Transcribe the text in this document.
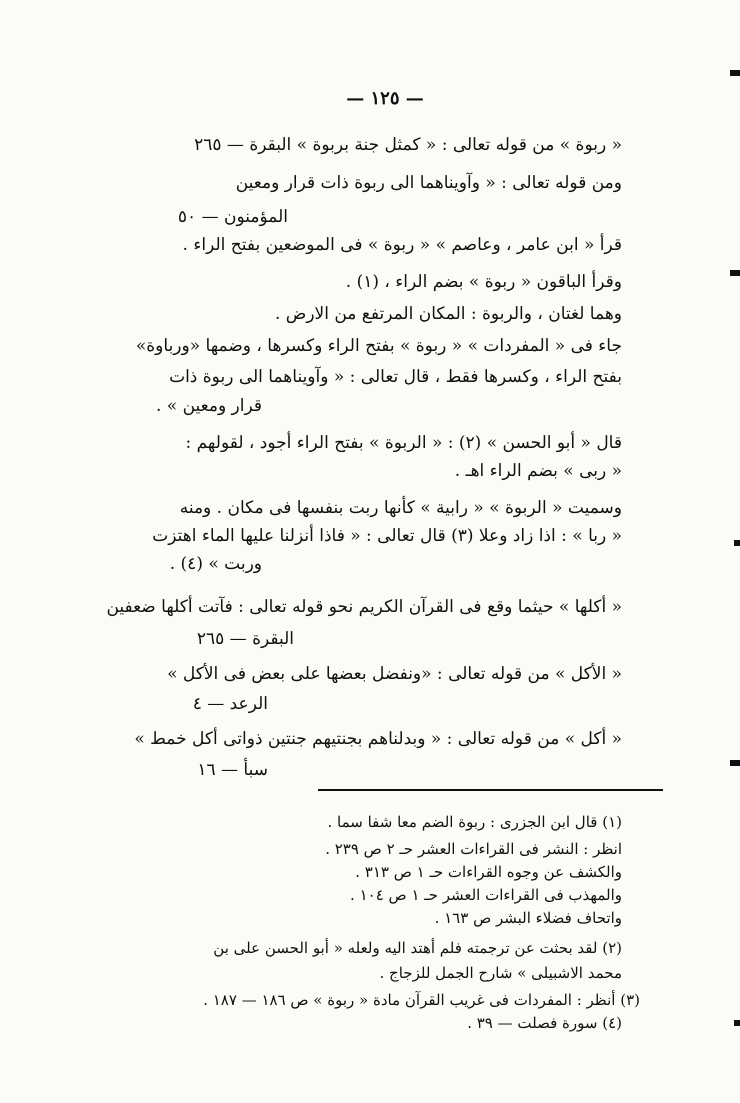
— ١٢٥ —
« ربوة » من قوله تعالى : « كمثل جنة بربوة » البقرة — ٢٦٥
ومن قوله تعالى : « وآويناهما الى ربوة ذات قرار ومعين
المؤمنون — ٥٠
قرأ « ابن عامر ، وعاصم » « ربوة » فى الموضعين بفتح الراء .
وقرأ الباقون « ربوة » بضم الراء ، (١) .
وهما لغتان ، والربوة : المكان المرتفع من الارض .
جاء فى « المفردات » « ربوة » بفتح الراء وكسرها ، وضمها «ورباوة»
بفتح الراء ، وكسرها فقط ، قال تعالى : « وآويناهما الى ربوة ذات
قرار ومعين » .
قال « أبو الحسن » (٢) : « الربوة » بفتح الراء أجود ، لقولهم :
« ربى » بضم الراء اهـ .
وسميت « الربوة » « رابية » كأنها ربت بنفسها فى مكان . ومنه
« ربا » : اذا زاد وعلا (٣) قال تعالى : « فاذا أنزلنا عليها الماء اهتزت
وربت » (٤) .
« أكلها » حيثما وقع فى القرآن الكريم نحو قوله تعالى : فآتت أكلها ضعفين
البقرة — ٢٦٥
« الأكل » من قوله تعالى : «ونفضل بعضها على بعض فى الأكل »
الرعد — ٤
« أكل » من قوله تعالى : « وبدلناهم بجنتيهم جنتين ذواتى أكل خمط »
سبأ — ١٦
(١) قال ابن الجزرى : ربوة الضم معا شفا سما .
انظر : النشر فى القراءات العشر حـ ٢ ص ٢٣٩ .
والكشف عن وجوه القراءات حـ ١ ص ٣١٣ .
والمهذب فى القراءات العشر حـ ١ ص ١٠٤ .
واتحاف فضلاء البشر ص ١٦٣ .
(٢) لقد بحثت عن ترجمته فلم أهتد اليه ولعله « أبو الحسن على بن
محمد الاشبيلى » شارح الجمل للزجاج .
(٣) أنظر : المفردات فى غريب القرآن مادة « ربوة » ص ١٨٦ — ١٨٧ .
(٤) سورة فصلت — ٣٩ .
